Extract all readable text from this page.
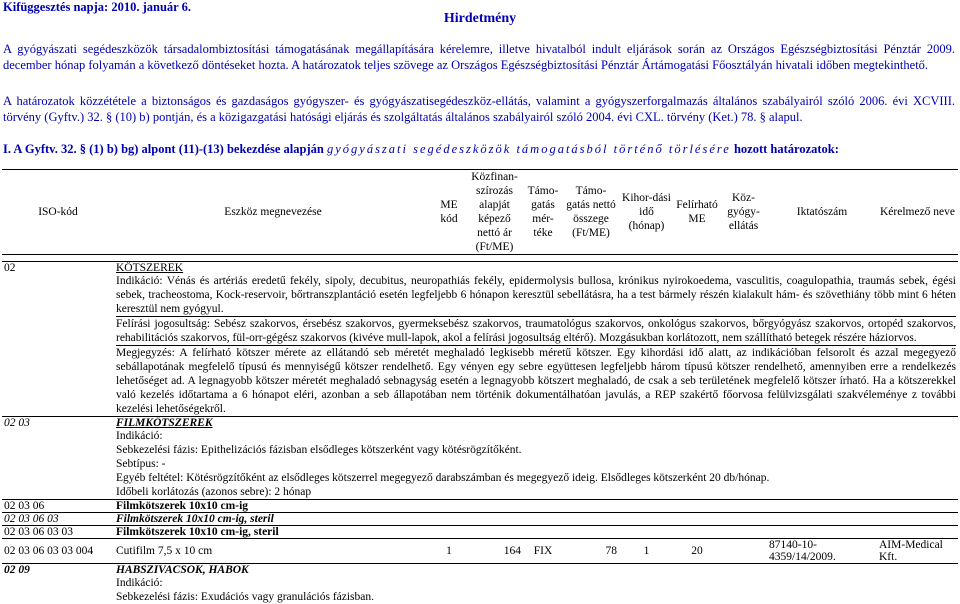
Kifüggesztés napja: 2010. január 6.
Hirdetmény
A gyógyászati segédeszközök társadalombiztosítási támogatásának megállapítására kérelemre, illetve hivatalból indult eljárások során az Országos Egészségbiztosítási Pénztár 2009. december hónap folyamán a következő döntéseket hozta. A határozatok teljes szövege az Országos Egészségbiztosítási Pénztár Ártámogatási Főosztályán hivatali időben megtekinthető.
A határozatok közzététele a biztonságos és gazdaságos gyógyszer- és gyógyászatisegédeszköz-ellátás, valamint a gyógyszerforgalmazás általános szabályairól szóló 2006. évi XCVIII. törvény (Gyftv.) 32. § (10) b) pontján, és a közigazgatási hatósági eljárás és szolgáltatás általános szabályairól szóló 2004. évi CXL. törvény (Ket.) 78. § alapul.
I. A Gyftv. 32. § (1) b) bg) alpont (11)-(13) bekezdése alapján gyógyászati segédeszközök támogatásból történő törlésére hozott határozatok:
ISO-kód	Eszköz megnevezése	ME kód	Közfinan-szírozás alapját képező nettó ár (Ft/ME)	Támo-gatás mér-téke	Támo-gatás nettó összege (Ft/ME)	Kihor-dási idő (hónap)	Felírható ME	Köz-gyógy-ellátás	Iktatószám	Kérelmező neve

02	KÖTSZEREK									

	Indikáció: Vénás és artériás eredetű fekély, sipoly, decubitus, neuropathiás fekély, epidermolysis bullosa, krónikus nyirokoedema, vasculitis, coagulopathia, traumás sebek, égési sebek, tracheostoma, Kock-reservoir, bőrtranszplantáció esetén legfeljebb 6 hónapon keresztül sebellátásra, ha a test bármely részén kialakult hám- és szövethiány több mint 6 héten keresztül nem gyógyul.

Felírási jogosultság: Sebész szakorvos, érsebész szakorvos, gyermeksebész szakorvos, traumatológus szakorvos, onkológus szakorvos, bőrgyógyász szakorvos, ortopéd szakorvos, rehabilitációs szakorvos, fül-orr-gégész szakorvos (kivéve mull-lapok, akol a felírási jogosultság eltérő). Mozgásukban korlátozott, nem szállítható betegek részére háziorvos.

Megjegyzés: A felírható kötszer mérete az ellátandó seb méretét meghaladó legkisebb méretű kötszer. Egy kihordási idő alatt, az indikációban felsorolt és azzal megegyező sebállapotának megfelelő típusú és mennyiségű kötszer rendelhető. Egy vényen egy sebre együttesen legfeljebb három típusú kötszer rendelhető, amennyiben erre a rendelkezés lehetőséget ad. A legnagyobb kötszer méretét meghaladó sebnagyság esetén a legnagyobb kötszert meghaladó, de csak a seb területének megfelelő kötszer írható. Ha a kötszerekkel való kezelés időtartama a 6 hónapot eléri, azonban a seb állapotában nem történik dokumentálhatóan javulás, a REP szakértő főorvosa felülvizsgálati szakvéleménye z további kezelési lehetőségekről.									

02 03	FILMKÖTSZEREK									

	Indikáció:
Sebkezelési fázis: Epithelizációs fázisban elsődleges kötszerként vagy kötésrögzítőként.
Sebtípus: -
Egyéb feltétel: Kötésrögzítőként az elsődleges kötszerrel megegyező darabszámban és megegyező ideig. Elsődleges kötszerként 20 db/hónap.
Időbeli korlátozás (azonos sebre): 2 hónap									

02 03 06	Filmkötszerek 10x10 cm-ig									
02 03 06 03	Filmkötszerek 10x10 cm-ig, steril									
02 03 06 03 03	Filmkötszerek 10x10 cm-ig, steril									
02 03 06 03 03 004	Cutifilm 7,5 x 10 cm	1	164	FIX	78	1	20		87140-10-4359/14/2009.	AIM-Medical Kft.
02 09	HABSZIVACSOK, HABOK									

	Indikáció:
Sebkezelési fázis: Exudációs vagy granulációs fázisban.									
